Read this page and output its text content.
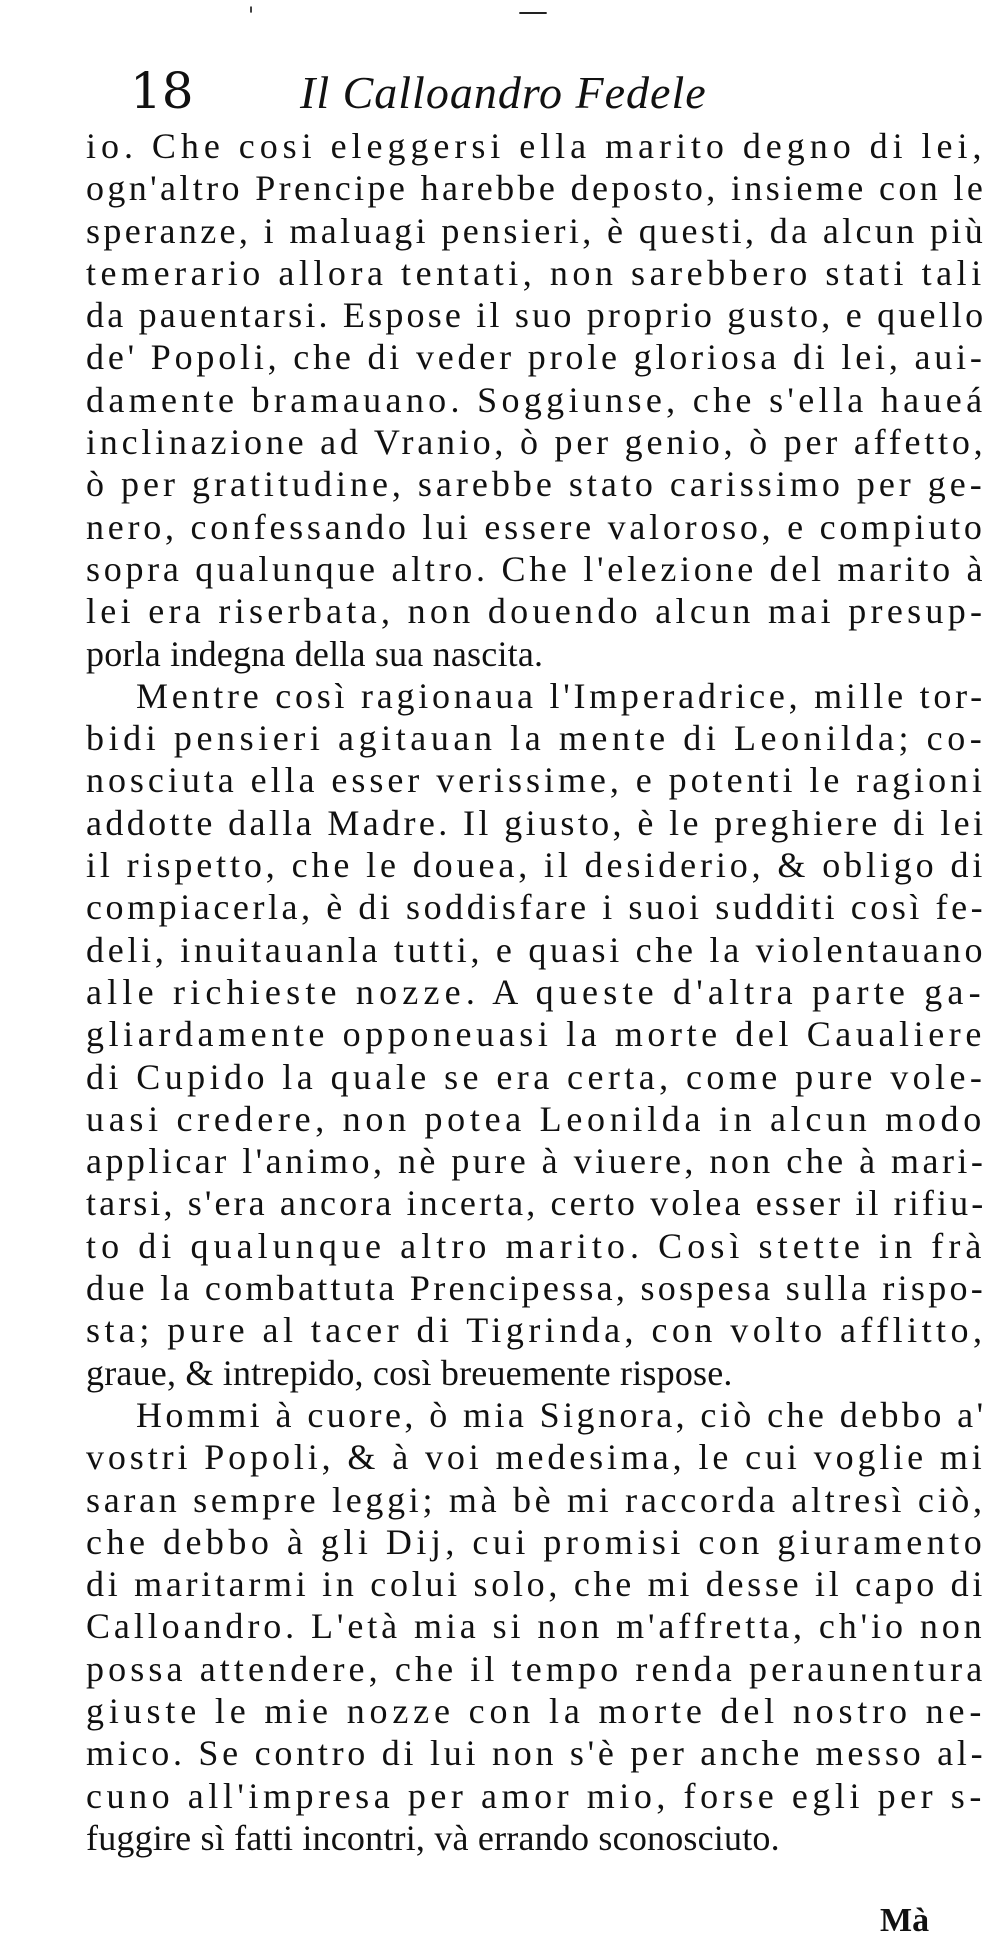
'	—
18 Il Calloandro Fedele
io. Che cosi eleggersi ella marito degno di lei,
ogn'altro Prencipe harebbe deposto, insieme con le
speranze, i maluagi pensieri, è questi, da alcun più
temerario allora tentati, non sarebbero stati tali
da pauentarsi. Espose il suo proprio gusto, e quello
de' Popoli, che di veder prole gloriosa di lei, aui-
damente bramauano. Soggiunse, che s'ella haueá
inclinazione ad Vranio, ò per genio, ò per affetto,
ò per gratitudine, sarebbe stato carissimo per ge-
nero, confessando lui essere valoroso, e compiuto
sopra qualunque altro. Che l'elezione del marito à
lei era riserbata, non douendo alcun mai presup-
porla indegna della sua nascita.
Mentre così ragionaua l'Imperadrice, mille tor-
bidi pensieri agitauan la mente di Leonilda; co-
nosciuta ella esser verissime, e potenti le ragioni
addotte dalla Madre. Il giusto, è le preghiere di lei
il rispetto, che le douea, il desiderio, & obligo di
compiacerla, è di soddisfare i suoi sudditi così fe-
deli, inuitauanla tutti, e quasi che la violentauano
alle richieste nozze. A queste d'altra parte ga-
gliardamente opponeuasi la morte del Caualiere
di Cupido la quale se era certa, come pure vole-
uasi credere, non potea Leonilda in alcun modo
applicar l'animo, nè pure à viuere, non che à mari-
tarsi, s'era ancora incerta, certo volea esser il rifiu-
to di qualunque altro marito. Così stette in frà
due la combattuta Prencipessa, sospesa sulla rispo-
sta; pure al tacer di Tigrinda, con volto afflitto,
graue, & intrepido, così breuemente rispose.
Hommi à cuore, ò mia Signora, ciò che debbo a'
vostri Popoli, & à voi medesima, le cui voglie mi
saran sempre leggi; mà bè mi raccorda altresì ciò,
che debbo à gli Dij, cui promisi con giuramento
di maritarmi in colui solo, che mi desse il capo di
Calloandro. L'età mia si non m'affretta, ch'io non
possa attendere, che il tempo renda peraunentura
giuste le mie nozze con la morte del nostro ne-
mico. Se contro di lui non s'è per anche messo al-
cuno all'impresa per amor mio, forse egli per s-
fuggire sì fatti incontri, và errando sconosciuto.
Mà
